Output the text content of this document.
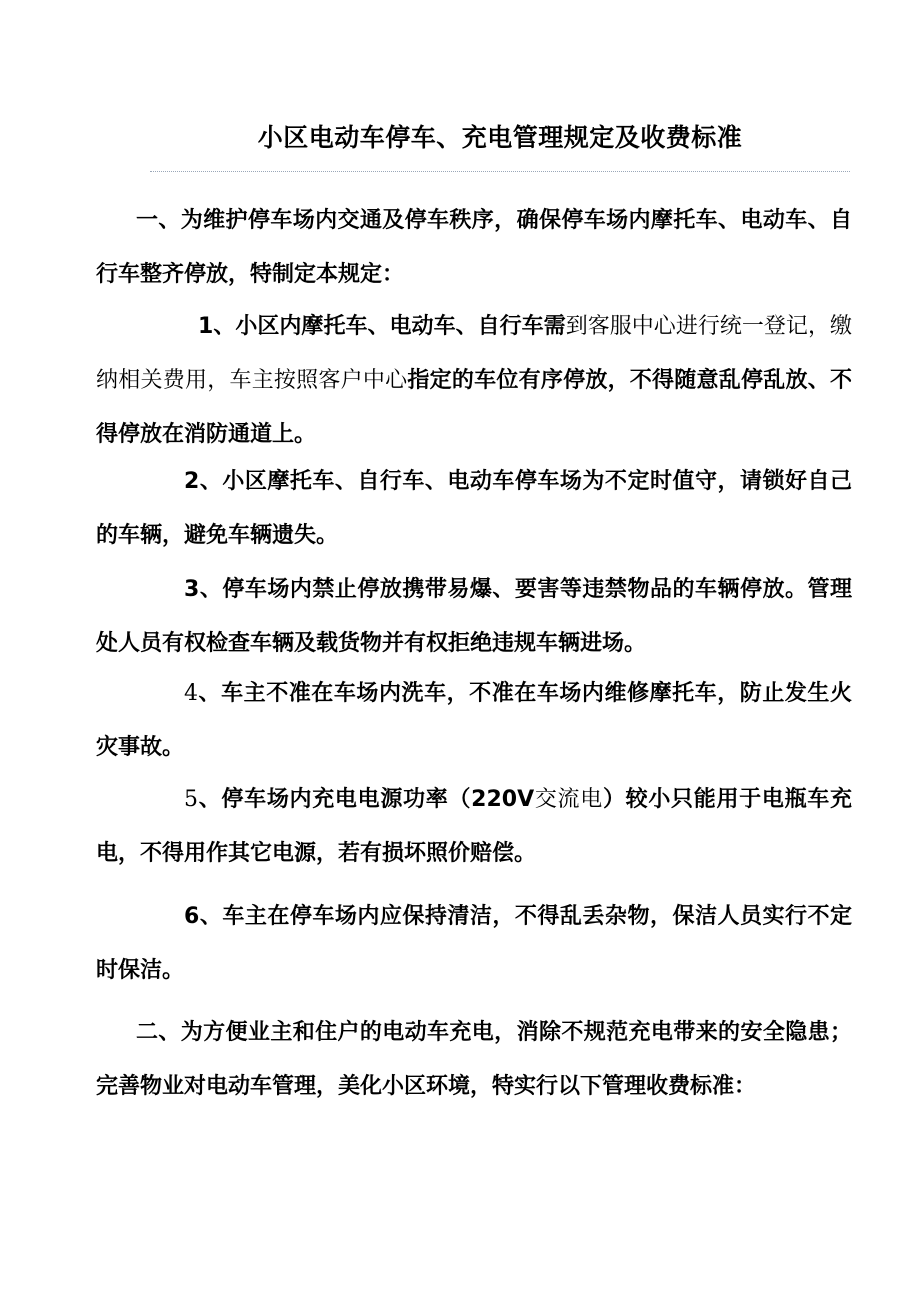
小区电动车停车、充电管理规定及收费标准

一、为维护停车场内交通及停车秩序，确保停车场内摩托车、电动车、自行车整齐停放，特制定本规定：

1、小区内摩托车、电动车、自行车需到客服中心进行统一登记，缴纳相关费用，车主按照客户中心指定的车位有序停放，不得随意乱停乱放、不得停放在消防通道上。

2、小区摩托车、自行车、电动车停车场为不定时值守，请锁好自己的车辆，避免车辆遗失。

3、停车场内禁止停放携带易爆、要害等违禁物品的车辆停放。管理处人员有权检查车辆及载货物并有权拒绝违规车辆进场。

4、车主不准在车场内洗车，不准在车场内维修摩托车，防止发生火灾事故。

5、停车场内充电电源功率（220V交流电）较小只能用于电瓶车充电，不得用作其它电源，若有损坏照价赔偿。

6、车主在停车场内应保持清洁，不得乱丢杂物，保洁人员实行不定时保洁。

二、为方便业主和住户的电动车充电，消除不规范充电带来的安全隐患；完善物业对电动车管理，美化小区环境，特实行以下管理收费标准：
